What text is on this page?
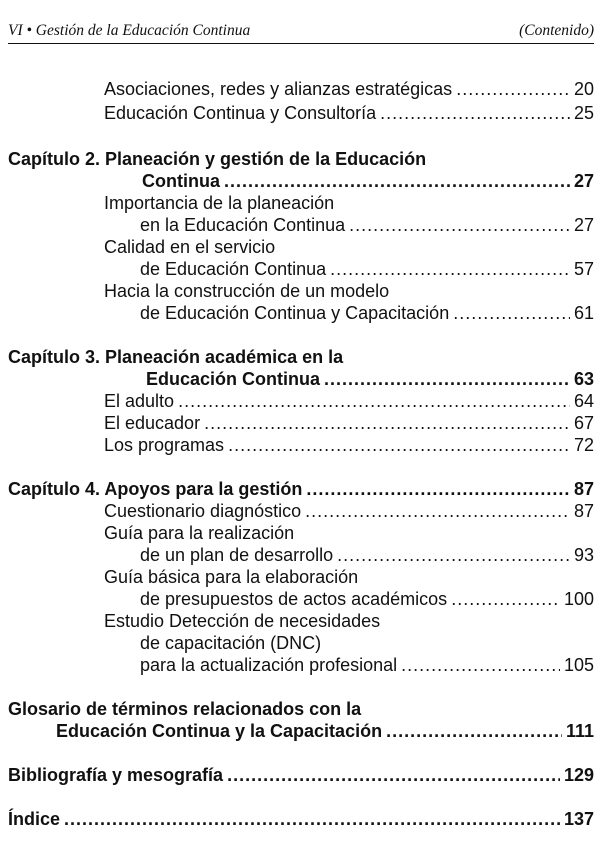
VI • Gestión de la Educación Continua	(Contenido)
Asociaciones, redes y alianzas estratégicas .....	20
Educación Continua y Consultoría .....	25
Capítulo 2. Planeación y gestión de la Educación
Continua .....	27
Importancia de la planeación
en la Educación Continua .....	27
Calidad en el servicio
de Educación Continua .....	57
Hacia la construcción de un modelo
de Educación Continua y Capacitación .....	61
Capítulo 3. Planeación académica en la
Educación Continua .....	63
El adulto .....	64
El educador .....	67
Los programas .....	72
Capítulo 4. Apoyos para la gestión .....	87
Cuestionario diagnóstico .....	87
Guía para la realización
de un plan de desarrollo .....	93
Guía básica para la elaboración
de presupuestos de actos académicos .....	100
Estudio Detección de necesidades
de capacitación (DNC)
para la actualización profesional .....	105
Glosario de términos relacionados con la
Educación Continua y la Capacitación .....	111
Bibliografía y mesografía .....	129
Índice .....	137
